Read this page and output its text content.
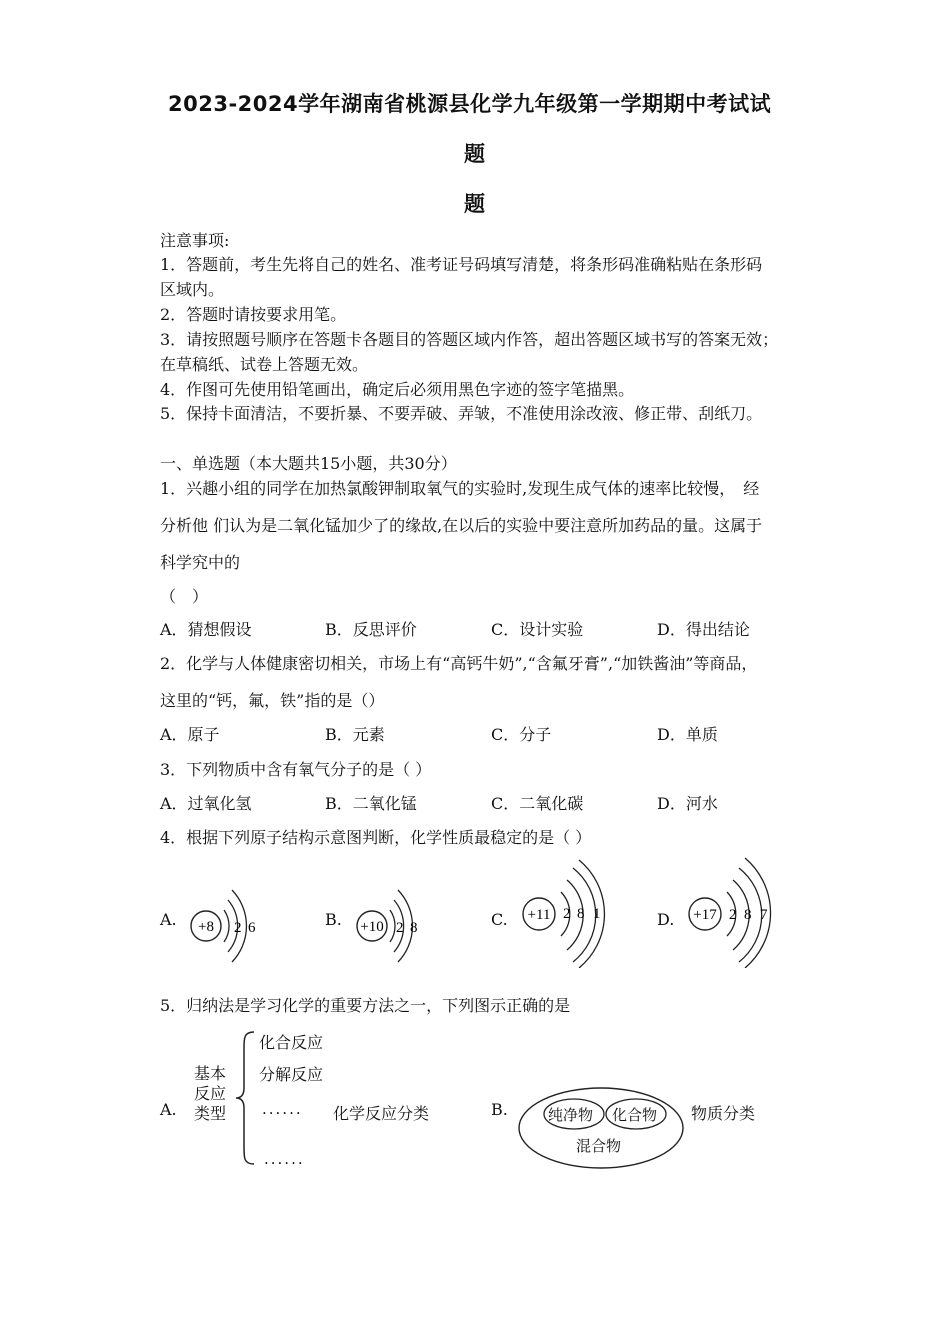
2023-2024学年湖南省桃源县化学九年级第一学期期中考试试
题
题
注意事项:
1．答题前，考生先将自己的姓名、准考证号码填写清楚，将条形码准确粘贴在条形码
区域内。
2．答题时请按要求用笔。
3．请按照题号顺序在答题卡各题目的答题区域内作答，超出答题区域书写的答案无效；
在草稿纸、试卷上答题无效。
4．作图可先使用铅笔画出，确定后必须用黑色字迹的签字笔描黑。
5．保持卡面清洁，不要折暴、不要弄破、弄皱，不准使用涂改液、修正带、刮纸刀。
一、单选题（本大题共15小题，共30分）
1．兴趣小组的同学在加热氯酸钾制取氧气的实验时,发现生成气体的速率比较慢，　经
分析他 们认为是二氧化锰加少了的缘故,在以后的实验中要注意所加药品的量。这属于
科学究中的
（　）
A．猜想假设	B．反思评价	C．设计实验	D．得出结论
2．化学与人体健康密切相关，市场上有“高钙牛奶”,“含氟牙膏”,“加铁酱油”等商品，
这里的“钙，氟，铁”指的是（）
A．原子	B．元素	C．分子	D．单质
3．下列物质中含有氧气分子的是（ ）
A．过氧化氢	B．二氧化锰	C．二氧化碳	D．河水
4．根据下列原子结构示意图判断，化学性质最稳定的是（ ）
A. +8 2 6	B. +10 2 8	C. +11 2 8 1	D. +17 2 8 7
5．归纳法是学习化学的重要方法之一，下列图示正确的是
A.
基本
反应
类型
化合反应
分解反应
......
......
化学反应分类	B.	纯净物 化合物
混合物
物质分类
